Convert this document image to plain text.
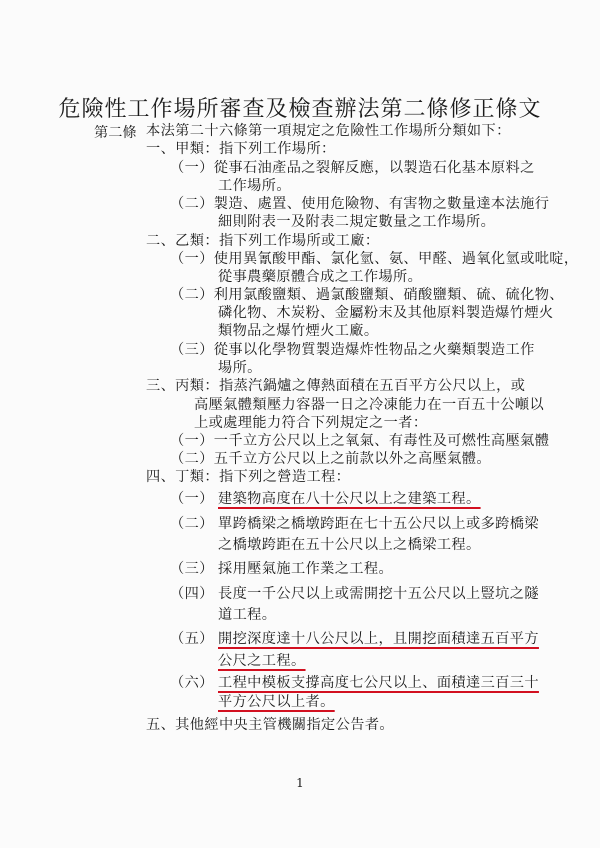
危險性工作場所審查及檢查辦法第二條修正條文
第二條 本法第二十六條第一項規定之危險性工作場所分類如下：
一、甲類：指下列工作場所：
（一）從事石油產品之裂解反應，以製造石化基本原料之
工作場所。
（二）製造、處置、使用危險物、有害物之數量達本法施行
細則附表一及附表二規定數量之工作場所。
二、乙類：指下列工作場所或工廠：
（一）使用異氰酸甲酯、氯化氫、氨、甲醛、過氧化氫或吡啶，
從事農藥原體合成之工作場所。
（二）利用氯酸鹽類、過氯酸鹽類、硝酸鹽類、硫、硫化物、
磷化物、木炭粉、金屬粉末及其他原料製造爆竹煙火
類物品之爆竹煙火工廠。
（三）從事以化學物質製造爆炸性物品之火藥類製造工作
場所。
三、丙類：指蒸汽鍋爐之傳熱面積在五百平方公尺以上，或
高壓氣體類壓力容器一日之冷凍能力在一百五十公噸以
上或處理能力符合下列規定之一者：
（一）一千立方公尺以上之氧氣、有毒性及可燃性高壓氣體
（二）五千立方公尺以上之前款以外之高壓氣體。
四、丁類：指下列之營造工程：
（一） 建築物高度在八十公尺以上之建築工程。
（二） 單跨橋梁之橋墩跨距在七十五公尺以上或多跨橋梁
之橋墩跨距在五十公尺以上之橋梁工程。
（三） 採用壓氣施工作業之工程。
（四） 長度一千公尺以上或需開挖十五公尺以上豎坑之隧
道工程。
（五） 開挖深度達十八公尺以上，且開挖面積達五百平方
公尺之工程。
（六） 工程中模板支撐高度七公尺以上、面積達三百三十
平方公尺以上者。
五、其他經中央主管機關指定公告者。
1
